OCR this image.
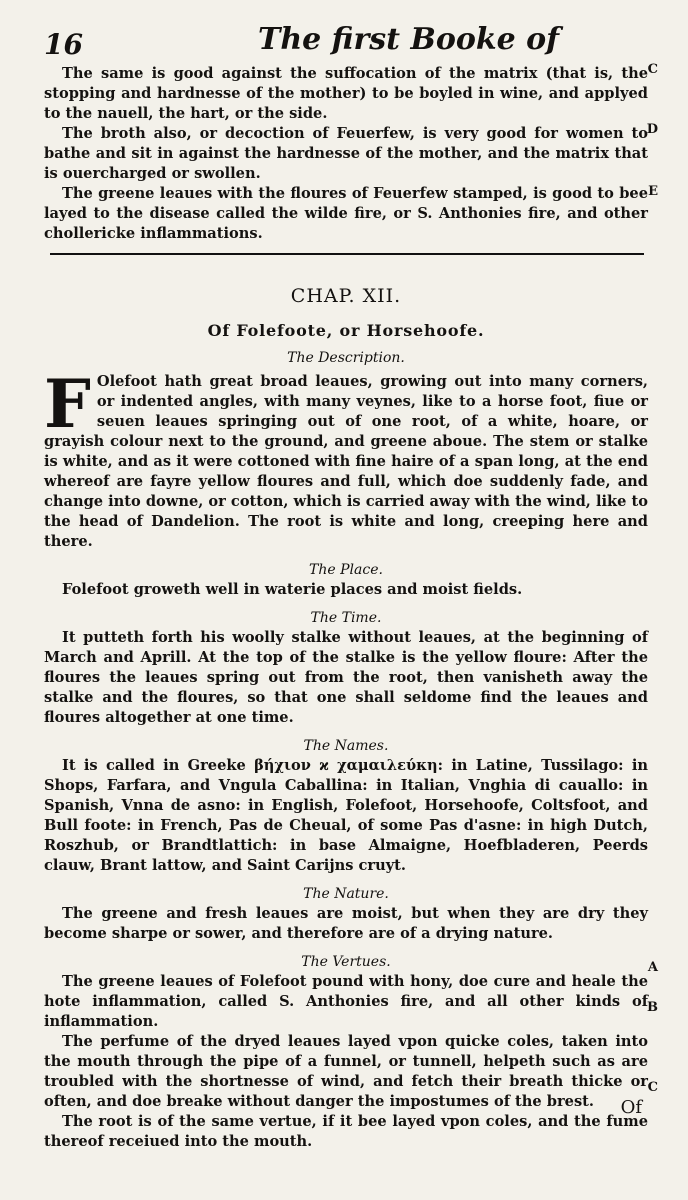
16	The first Booke of

The same is good against the suffocation of the matrix (that is, the stopping and hardnesse of the mother) to be boyled in wine, and applyed to the nauell, the hart, or the side.

The broth also, or decoction of Feuerfew, is very good for women to bathe and sit in against the hardnesse of the mother, and the matrix that is ouercharged or swollen.

The greene leaues with the floures of Feuerfew stamped, is good to bee layed to the disease called the wilde fire, or S. Anthonies fire, and other chollericke inflammations.

C
D
E
CHAP. XII.
Of Folefoote, or Horsehoofe.
The Description.
F Olefoot hath great broad leaues, growing out into many corners, or indented angles, with many veynes, like to a horse foot, fiue or seuen leaues springing out of one root, of a white, hoare, or grayish colour next to the ground, and greene aboue. The stem or stalke is white, and as it were cottoned with fine haire of a span long, at the end whereof are fayre yellow floures and full, which doe suddenly fade, and change into downe, or cotton, which is carried away with the wind, like to the head of Dandelion. The root is white and long, creeping here and there.
The Place.

Folefoot groweth well in waterie places and moist fields.

The Time.

It putteth forth his woolly stalke without leaues, at the beginning of March and Aprill. At the top of the stalke is the yellow floure: After the floures the leaues spring out from the root, then vanisheth away the stalke and the floures, so that one shall seldome find the leaues and floures altogether at one time.

The Names.

It is called in Greeke βήχιον ϰ χαμαιλεύκη: in Latine, Tussilago: in Shops, Farfara, and Vngula Caballina: in Italian, Vnghia di cauallo: in Spanish, Vnna de asno: in English, Folefoot, Horsehoofe, Coltsfoot, and Bull foote: in French, Pas de Cheual, of some Pas d'asne: in high Dutch, Roszhub, or Brandtlattich: in base Almaigne, Hoefbladeren, Peerds clauw, Brant lattow, and Saint Carijns cruyt.

The Nature.

The greene and fresh leaues are moist, but when they are dry they become sharpe or sower, and therefore are of a drying nature.

The Vertues.

The greene leaues of Folefoot pound with hony, doe cure and heale the hote inflammation, called S. Anthonies fire, and all other kinds of inflammation.

The perfume of the dryed leaues layed vpon quicke coles, taken into the mouth through the pipe of a funnel, or tunnell, helpeth such as are troubled with the shortnesse of wind, and fetch their breath thicke or often, and doe breake without danger the impostumes of the brest.

The root is of the same vertue, if it bee layed vpon coles, and the fume thereof receiued into the mouth.

A
B
C
Of
